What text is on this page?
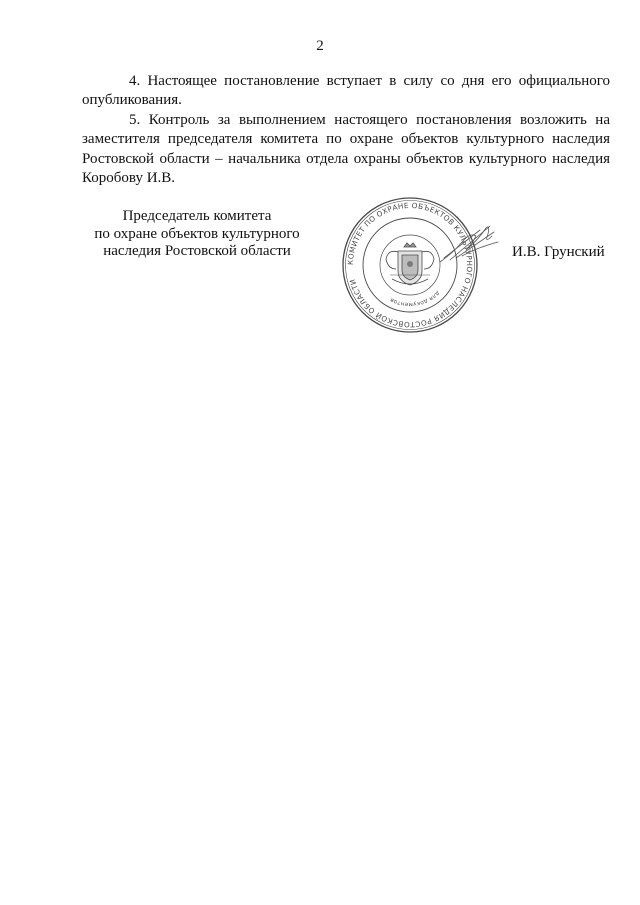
2

4. Настоящее постановление вступает в силу со дня его официального опубликования.

5. Контроль за выполнением настоящего постановления возложить на заместителя председателя комитета по охране объектов культурного наследия Ростовской области – начальника отдела охраны объектов культурного наследия Коробову И.В.

Председатель комитета
по охране объектов культурного
наследия Ростовской области
КОМИТЕТ ПО ОХРАНЕ ОБЪЕКТОВ КУЛЬТУРНОГО НАСЛЕДИЯ РОСТОВСКОЙ ОБЛАСТИ
для документов
И.В. Грунский
